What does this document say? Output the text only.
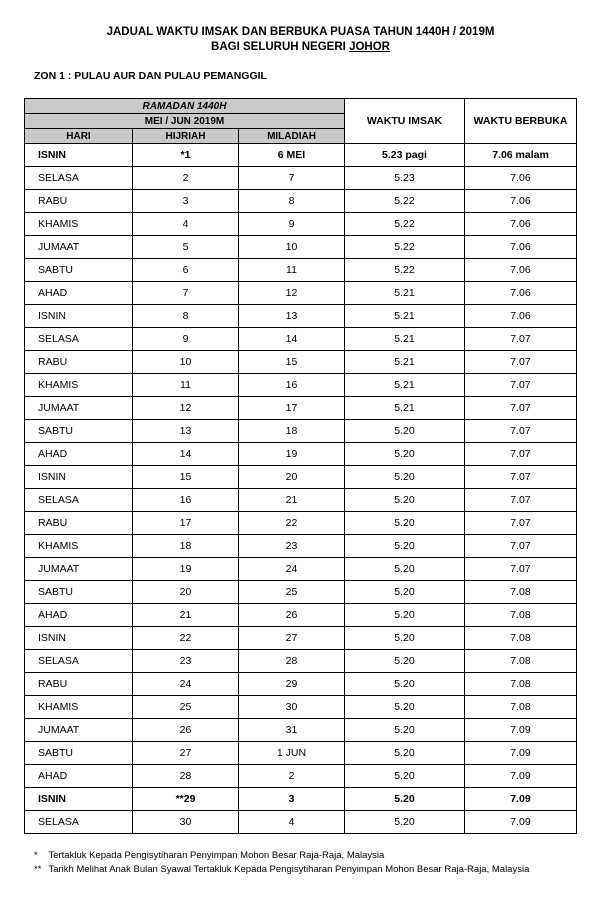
JADUAL WAKTU IMSAK DAN BERBUKA PUASA TAHUN 1440H / 2019M
BAGI SELURUH NEGERI JOHOR
ZON 1 : PULAU AUR DAN PULAU PEMANGGIL
RAMADAN 1440H			WAKTU IMSAK	WAKTU BERBUKA
MEI / JUN 2019M				
HARI	HIJRIAH	MILADIAH		
ISNIN	*1	6 MEI	5.23 pagi	7.06 malam
SELASA	2	7	5.23	7.06
RABU	3	8	5.22	7.06
KHAMIS	4	9	5.22	7.06
JUMAAT	5	10	5.22	7.06
SABTU	6	11	5.22	7.06
AHAD	7	12	5.21	7.06
ISNIN	8	13	5.21	7.06
SELASA	9	14	5.21	7.07
RABU	10	15	5.21	7.07
KHAMIS	11	16	5.21	7.07
JUMAAT	12	17	5.21	7.07
SABTU	13	18	5.20	7.07
AHAD	14	19	5.20	7.07
ISNIN	15	20	5.20	7.07
SELASA	16	21	5.20	7.07
RABU	17	22	5.20	7.07
KHAMIS	18	23	5.20	7.07
JUMAAT	19	24	5.20	7.07
SABTU	20	25	5.20	7.08
AHAD	21	26	5.20	7.08
ISNIN	22	27	5.20	7.08
SELASA	23	28	5.20	7.08
RABU	24	29	5.20	7.08
KHAMIS	25	30	5.20	7.08
JUMAAT	26	31	5.20	7.09
SABTU	27	1 JUN	5.20	7.09
AHAD	28	2	5.20	7.09
ISNIN	**29	3	5.20	7.09
SELASA	30	4	5.20	7.09
* Tertakluk Kepada Pengisytiharan Penyimpan Mohon Besar Raja-Raja, Malaysia
** Tarikh Melihat Anak Bulan Syawal Tertakluk Kepada Pengisytiharan Penyimpan Mohon Besar Raja-Raja, Malaysia
